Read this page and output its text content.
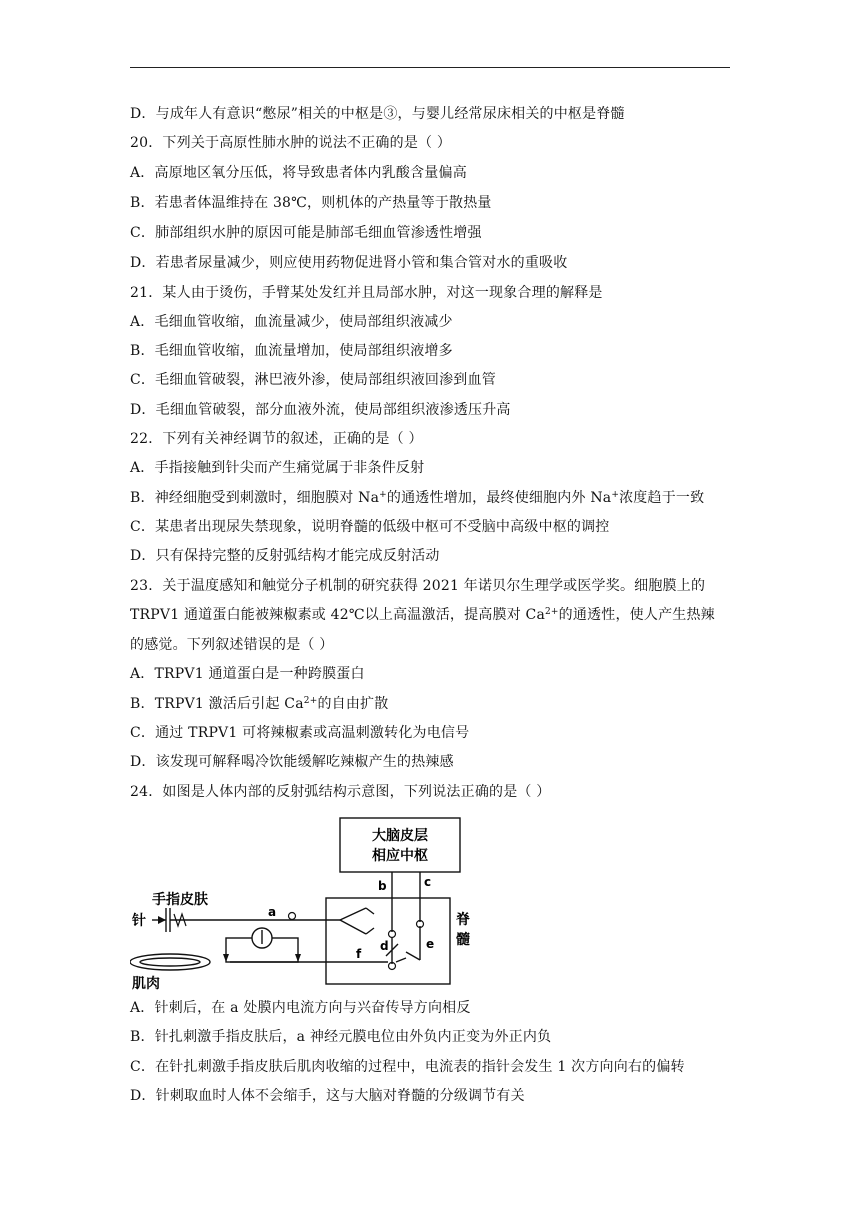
D．与成年人有意识“憋尿”相关的中枢是③，与婴儿经常尿床相关的中枢是脊髓
20．下列关于高原性肺水肿的说法不正确的是（ ）
A．高原地区氧分压低，将导致患者体内乳酸含量偏高
B．若患者体温维持在 38℃，则机体的产热量等于散热量
C．肺部组织水肿的原因可能是肺部毛细血管渗透性增强
D．若患者尿量减少，则应使用药物促进肾小管和集合管对水的重吸收
21．某人由于烫伤，手臂某处发红并且局部水肿，对这一现象合理的解释是
A．毛细血管收缩，血流量减少，使局部组织液减少
B．毛细血管收缩，血流量增加，使局部组织液增多
C．毛细血管破裂，淋巴液外渗，使局部组织液回渗到血管
D．毛细血管破裂，部分血液外流，使局部组织液渗透压升高
22．下列有关神经调节的叙述，正确的是（ ）
A．手指接触到针尖而产生痛觉属于非条件反射
B．神经细胞受到刺激时，细胞膜对 Na+的通透性增加，最终使细胞内外 Na+浓度趋于一致
C．某患者出现尿失禁现象，说明脊髓的低级中枢可不受脑中高级中枢的调控
D．只有保持完整的反射弧结构才能完成反射活动
23．关于温度感知和触觉分子机制的研究获得 2021 年诺贝尔生理学或医学奖。细胞膜上的
TRPV1 通道蛋白能被辣椒素或 42℃以上高温激活，提高膜对 $Ca^{2+}$的通透性，使人产生热辣
的感觉。下列叙述错误的是（ ）
A．TRPV1 通道蛋白是一种跨膜蛋白
B．TRPV1 激活后引起 $Ca^{2+}$的自由扩散
C．通过 TRPV1 可将辣椒素或高温刺激转化为电信号
D．该发现可解释喝冷饮能缓解吃辣椒产生的热辣感
24．如图是人体内部的反射弧结构示意图，下列说法正确的是（ ）
大脑皮层
相应中枢
手指皮肤
针
肌肉
脊
髓
a
b	c
d	e
f
A．针刺后，在 a 处膜内电流方向与兴奋传导方向相反
B．针扎刺激手指皮肤后，a 神经元膜电位由外负内正变为外正内负
C．在针扎刺激手指皮肤后肌肉收缩的过程中，电流表的指针会发生 1 次方向向右的偏转
D．针刺取血时人体不会缩手，这与大脑对脊髓的分级调节有关
